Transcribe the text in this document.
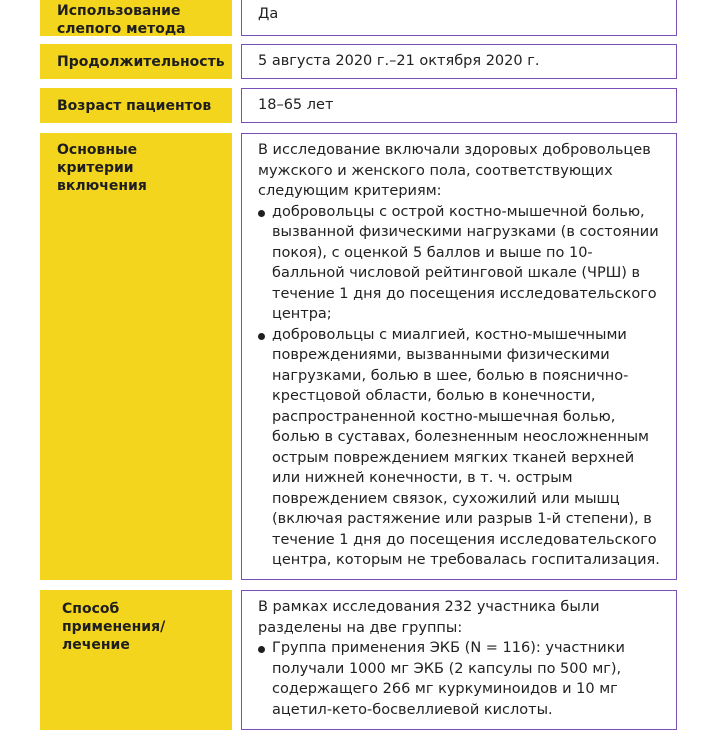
Использование слепого метода
Да
Продолжительность	5 августа 2020 г.–21 октября 2020 г.
Возраст пациентов	18–65 лет
Основные критерии включения
В исследование включали здоровых добровольцев мужского и женского пола, соответствующих следующим критериям:
добровольцы с острой костно-мышечной болью, вызванной физическими нагрузками (в состоянии покоя), с оценкой 5 баллов и выше по 10-балльной числовой рейтинговой шкале (ЧРШ) в течение 1 дня до посещения исследовательского центра;
добровольцы с миалгией, костно-мышечными повреждениями, вызванными физическими нагрузками, болью в шее, болью в пояснично-крестцовой области, болью в конечности, распространенной костно-мышечная болью, болью в суставах, болезненным неосложненным острым повреждением мягких тканей верхней или нижней конечности, в т. ч. острым повреждением связок, сухожилий или мышц (включая растяжение или разрыв 1-й степени), в течение 1 дня до посещения исследовательского центра, которым не требовалась госпитализация.
Способ применения/ лечение
В рамках исследования 232 участника были разделены на две группы:
Группа применения ЭКБ (N = 116): участники получали 1000 мг ЭКБ (2 капсулы по 500 мг), содержащего 266 мг куркуминоидов и 10 мг ацетил-кето-босвеллиевой кислоты.
